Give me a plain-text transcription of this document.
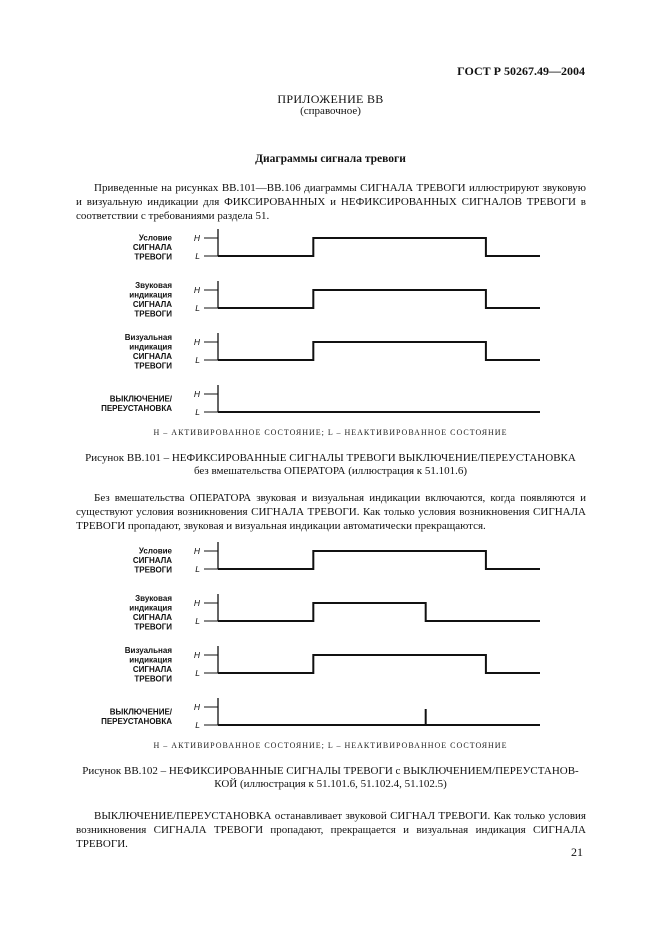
ГОСТ Р 50267.49—2004
ПРИЛОЖЕНИЕ ВВ
(справочное)
Диаграммы сигнала тревоги

Приведенные на рисунках ВВ.101—ВВ.106 диаграммы СИГНАЛА ТРЕВОГИ иллюстрируют звуковую и визуальную индикации для ФИКСИРОВАННЫХ и НЕФИКСИРОВАННЫХ СИГНАЛОВ ТРЕВОГИ в соответствии с требованиями раздела 51.

Условие
СИГНАЛА
ТРЕВОГИ
H
L
Звуковая
индикация
СИГНАЛА
ТРЕВОГИ
H
L
Визуальная
индикация
СИГНАЛА
ТРЕВОГИ
H
L
ВЫКЛЮЧЕНИЕ/
ПЕРЕУСТАНОВКА
H
L
H – АКТИВИРОВАННОЕ СОСТОЯНИЕ; L – НЕАКТИВИРОВАННОЕ СОСТОЯНИЕ
Рисунок ВВ.101 – НЕФИКСИРОВАННЫЕ СИГНАЛЫ ТРЕВОГИ ВЫКЛЮЧЕНИЕ/ПЕРЕУСТАНОВКА
без вмешательства ОПЕРАТОРА (иллюстрация к 51.101.6)

Без вмешательства ОПЕРАТОРА звуковая и визуальная индикации включаются, когда появляются и существуют условия возникновения СИГНАЛА ТРЕВОГИ. Как только условия возникновения СИГНАЛА ТРЕВОГИ пропадают, звуковая и визуальная индикации автоматически прекращаются.

Условие
СИГНАЛА
ТРЕВОГИ
H
L
Звуковая
индикация
СИГНАЛА
ТРЕВОГИ
H
L
Визуальная
индикация
СИГНАЛА
ТРЕВОГИ
H
L
ВЫКЛЮЧЕНИЕ/
ПЕРЕУСТАНОВКА
H
L
H – АКТИВИРОВАННОЕ СОСТОЯНИЕ; L – НЕАКТИВИРОВАННОЕ СОСТОЯНИЕ
Рисунок ВВ.102 – НЕФИКСИРОВАННЫЕ СИГНАЛЫ ТРЕВОГИ с ВЫКЛЮЧЕНИЕМ/ПЕРЕУСТАНОВ-
КОЙ (иллюстрация к 51.101.6, 51.102.4, 51.102.5)

ВЫКЛЮЧЕНИЕ/ПЕРЕУСТАНОВКА останавливает звуковой СИГНАЛ ТРЕВОГИ. Как только условия возникновения СИГНАЛА ТРЕВОГИ пропадают, прекращается и визуальная индикация СИГНАЛА ТРЕВОГИ.

21
